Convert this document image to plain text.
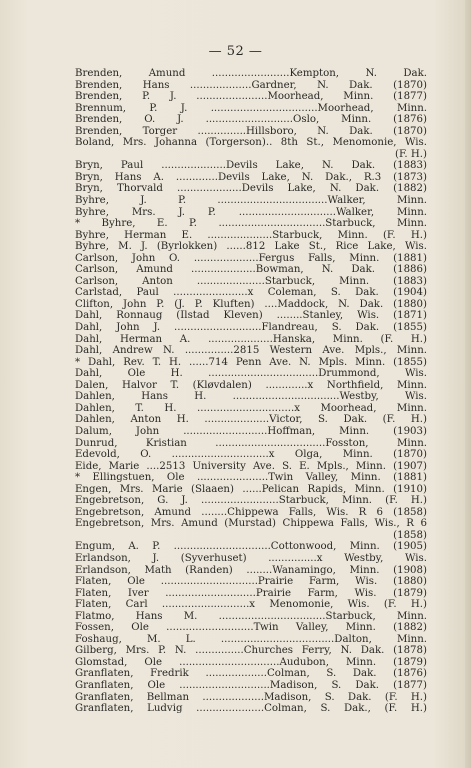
— 52 —
Brenden, Amund ........................Kempton, N. Dak.
Brenden, Hans ...................Gardner, N. Dak. (1870)
Brenden, P. J. ......................Moorhead, Minn. (1877)
Brennum, P. J. .................................Moorhead, Minn.
Brenden, O. J. ...........................Oslo, Minn. (1876)
Brenden, Torger ...............Hillsboro, N. Dak. (1870)
Boland, Mrs. Johanna (Torgerson).. 8th St., Menomonie, Wis.
(F. H.)
Bryn, Paul ....................Devils Lake, N. Dak. (1883)
Bryn, Hans A. .............Devils Lake, N. Dak., R.3 (1873)
Bryn, Thorvald ....................Devils Lake, N. Dak. (1882)
Byhre, J. P. ..................................Walker, Minn.
Byhre, Mrs. J. P. ..............................Walker, Minn.
* Byhre, E. P. .................................Starbuck, Minn.
Byhre, Herman E. ....................Starbuck, Minn. (F. H.)
Byhre, M. J. (Byrlokken) ......812 Lake St., Rice Lake, Wis.
Carlson, John O. ....................Fergus Falls, Minn. (1881)
Carlson, Amund ....................Bowman, N. Dak. (1886)
Carlson, Anton .....................Starbuck, Minn. (1883)
Carlstad, Paul .......................x Coleman, S. Dak. (1904)
Clifton, John P. (J. P. Kluften) ....Maddock, N. Dak. (1880)
Dahl, Ronnaug (Ilstad Kleven) ........Stanley, Wis. (1871)
Dahl, John J. ...........................Flandreau, S. Dak. (1855)
Dahl, Herman A. ....................Hanska, Minn. (F. H.)
Dahl, Andrew N. ...............2815 Western Ave. Mpls., Minn.
* Dahl, Rev. T. H. ......714 Penn Ave. N. Mpls. Minn. (1855)
Dahl, Ole H. ..................................Drummond, Wis.
Dalen, Halvor T. (Kløvdalen) .............x Northfield, Minn.
Dahlen, Hans H. .................................Westby, Wis.
Dahlen, T. H. ..............................x Moorhead, Minn.
Dahlen, Anton H. ....................Victor, S. Dak. (F. H.)
Dalum, John ..........................Hoffman, Minn. (1903)
Dunrud, Kristian ..................................Fosston, Minn.
Edevold, O. ..............................x Olga, Minn. (1870)
Eide, Marie ....2513 University Ave. S. E. Mpls., Minn. (1907)
* Ellingstuen, Ole ......................Twin Valley, Minn. (1881)
Engen, Mrs. Marie (Slaaen) ......Pelican Rapids, Minn. (1910)
Engebretson, G. J. ........................Starbuck, Minn. (F. H.)
Engebretson, Amund ........Chippewa Falls, Wis. R 6 (1858)
Engebretson, Mrs. Amund (Murstad) Chippewa Falls, Wis., R 6
(1858)
Engum, A. P. ..............................Cottonwood, Minn. (1905)
Erlandson, J. (Syverhuset) ...............x Westby, Wis.
Erlandson, Math (Randen) ........Wanamingo, Minn. (1908)
Flaten, Ole ..............................Prairie Farm, Wis. (1880)
Flaten, Iver ............................Prairie Farm, Wis. (1879)
Flaten, Carl ...........................x Menomonie, Wis. (F. H.)
Flatmo, Hans M. .................................Starbuck, Minn.
Fossen, Ole ...........................Twin Valley, Minn. (1882)
Foshaug, M. L. ...................................Dalton, Minn.
Gilberg, Mrs. P. N. ...............Churches Ferry, N. Dak. (1878)
Glomstad, Ole ...............................Audubon, Minn. (1879)
Granflaten, Fredrik ...................Colman, S. Dak. (1876)
Granflaten, Ole ............................Madison, S. Dak. (1877)
Granflaten, Bellman ...................Madison, S. Dak. (F. H.)
Granflaten, Ludvig .....................Colman, S. Dak., (F. H.)
